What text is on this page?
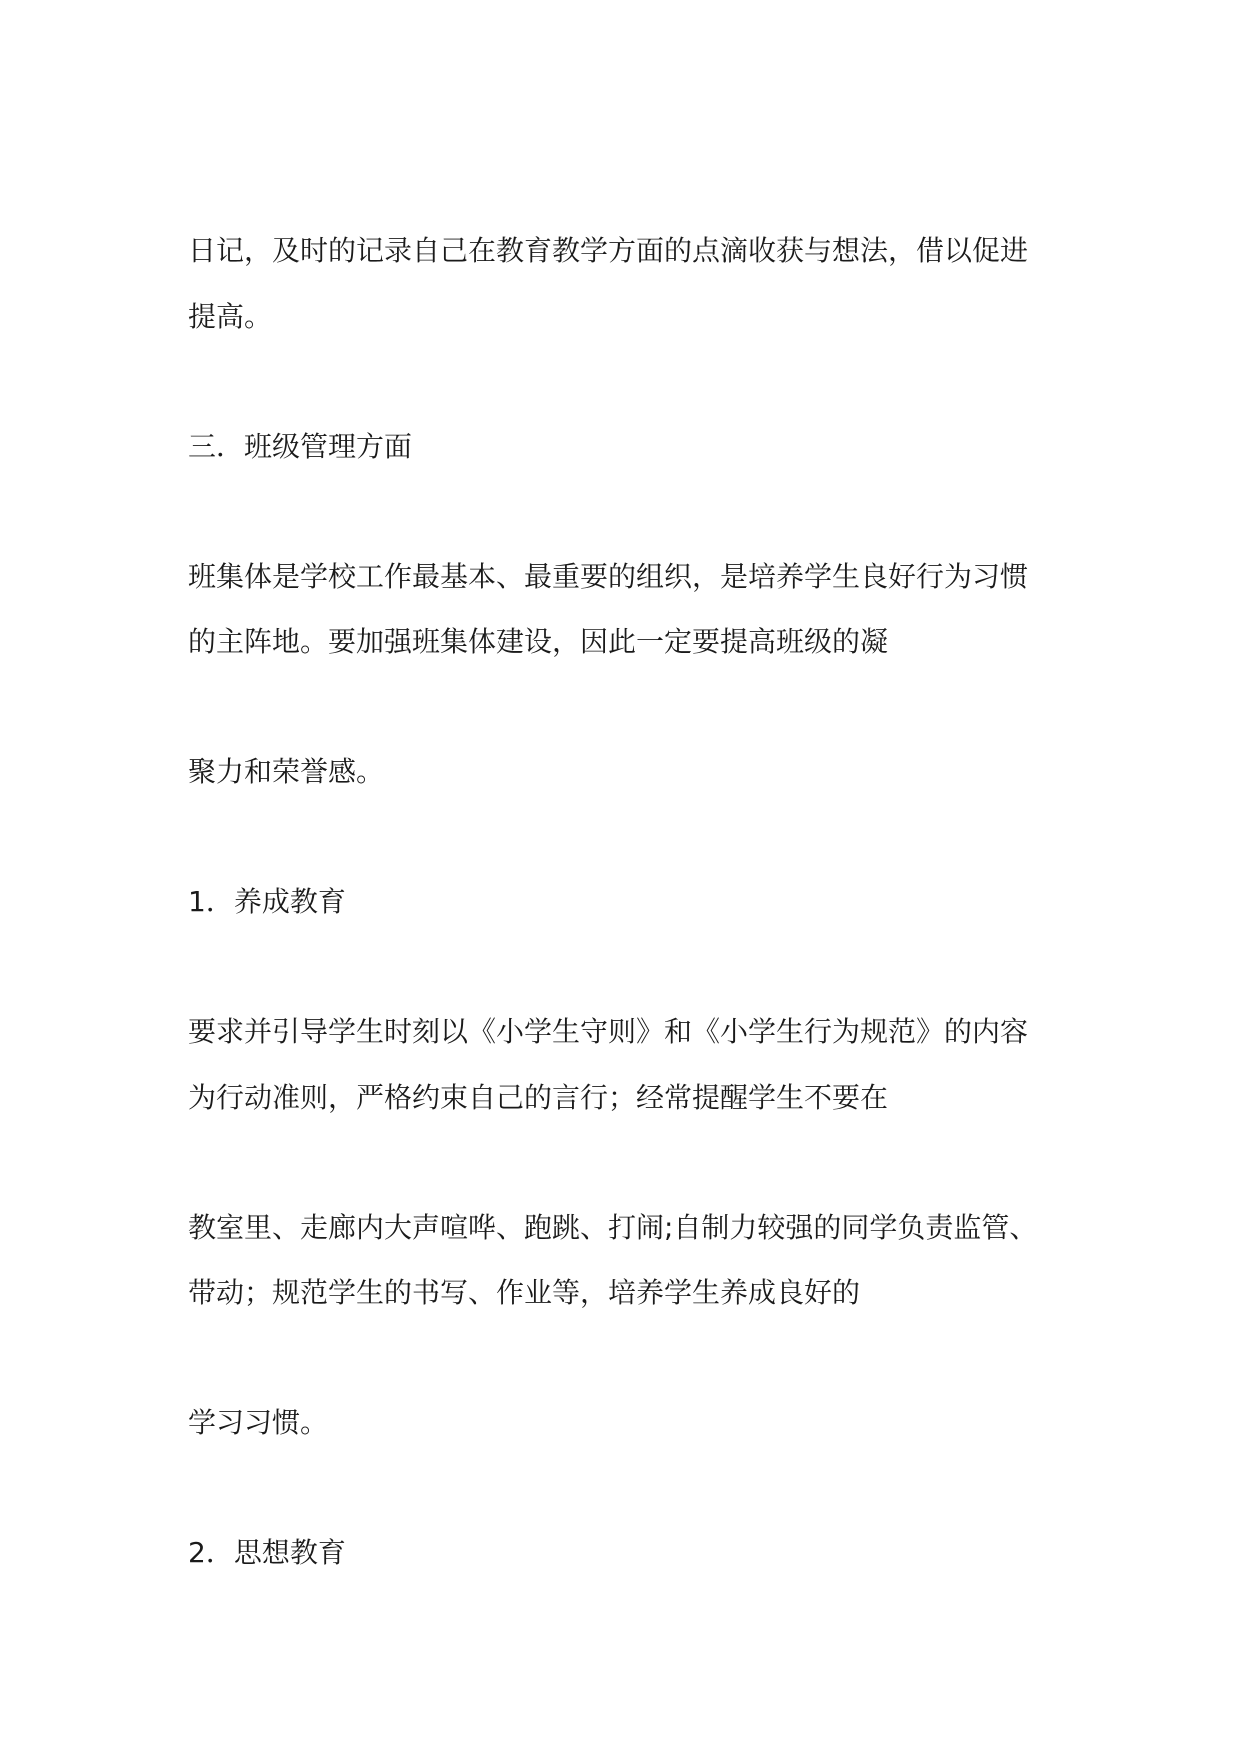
日记，及时的记录自己在教育教学方面的点滴收获与想法，借以促进
提高。
三．班级管理方面
班集体是学校工作最基本、最重要的组织，是培养学生良好行为习惯
的主阵地。要加强班集体建设，因此一定要提高班级的凝
聚力和荣誉感。
1．养成教育
要求并引导学生时刻以《小学生守则》和《小学生行为规范》的内容
为行动准则，严格约束自己的言行；经常提醒学生不要在
教室里、走廊内大声喧哗、跑跳、打闹;自制力较强的同学负责监管、
带动；规范学生的书写、作业等，培养学生养成良好的
学习习惯。
2．思想教育
